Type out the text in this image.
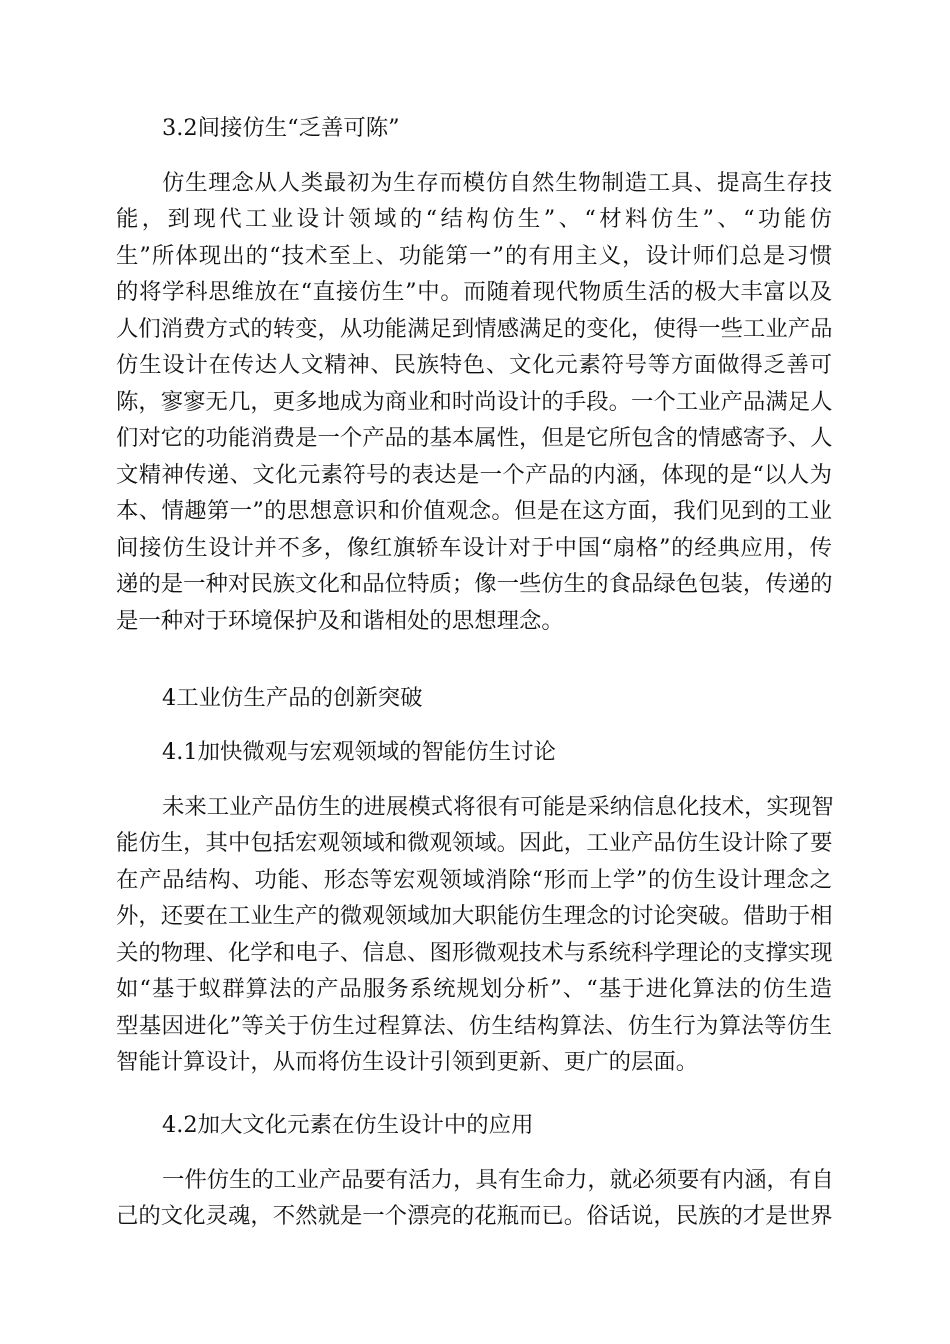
3.2间接仿生“乏善可陈”
仿生理念从人类最初为生存而模仿自然生物制造工具、提高生存技
能，到现代工业设计领域的“结构仿生”、“材料仿生”、“功能仿
生”所体现出的“技术至上、功能第一”的有用主义，设计师们总是习惯
的将学科思维放在“直接仿生”中。而随着现代物质生活的极大丰富以及
人们消费方式的转变，从功能满足到情感满足的变化，使得一些工业产品
仿生设计在传达人文精神、民族特色、文化元素符号等方面做得乏善可
陈，寥寥无几，更多地成为商业和时尚设计的手段。一个工业产品满足人
们对它的功能消费是一个产品的基本属性，但是它所包含的情感寄予、人
文精神传递、文化元素符号的表达是一个产品的内涵，体现的是“以人为
本、情趣第一”的思想意识和价值观念。但是在这方面，我们见到的工业
间接仿生设计并不多，像红旗轿车设计对于中国“扇格”的经典应用，传
递的是一种对民族文化和品位特质；像一些仿生的食品绿色包装，传递的
是一种对于环境保护及和谐相处的思想理念。
4工业仿生产品的创新突破
4.1加快微观与宏观领域的智能仿生讨论
未来工业产品仿生的进展模式将很有可能是采纳信息化技术，实现智
能仿生，其中包括宏观领域和微观领域。因此，工业产品仿生设计除了要
在产品结构、功能、形态等宏观领域消除“形而上学”的仿生设计理念之
外，还要在工业生产的微观领域加大职能仿生理念的讨论突破。借助于相
关的物理、化学和电子、信息、图形微观技术与系统科学理论的支撑实现
如“基于蚁群算法的产品服务系统规划分析”、“基于进化算法的仿生造
型基因进化”等关于仿生过程算法、仿生结构算法、仿生行为算法等仿生
智能计算设计，从而将仿生设计引领到更新、更广的层面。
4.2加大文化元素在仿生设计中的应用
一件仿生的工业产品要有活力，具有生命力，就必须要有内涵，有自
己的文化灵魂，不然就是一个漂亮的花瓶而已。俗话说，民族的才是世界
